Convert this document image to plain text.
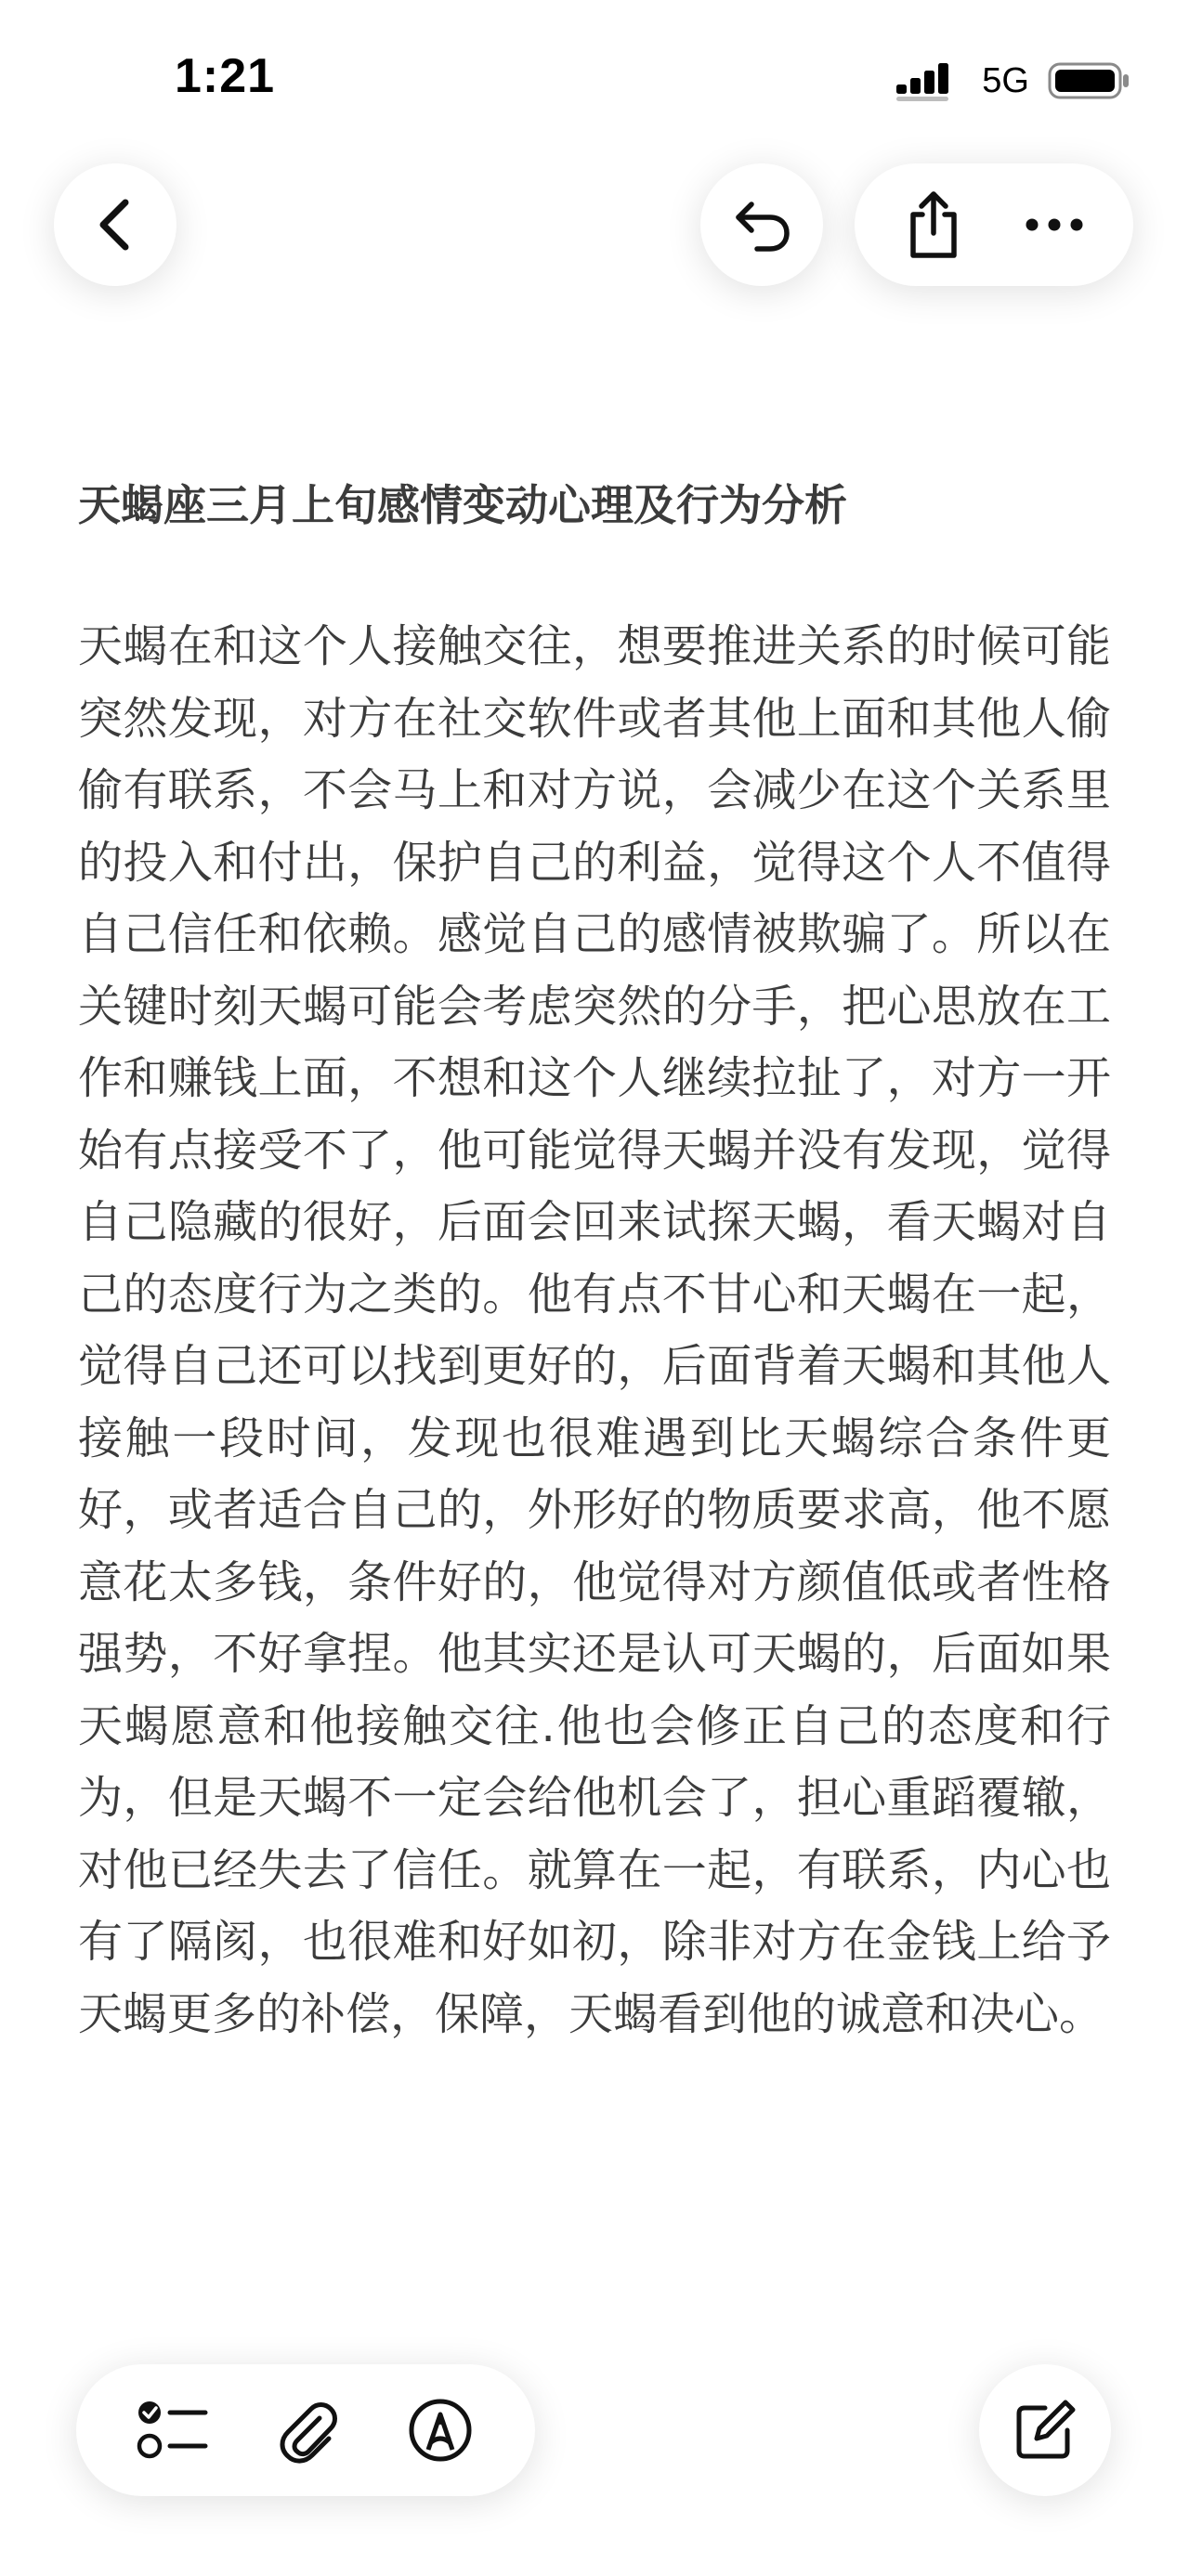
1:21	5G
天蝎座三月上旬感情变动心理及行为分析

天蝎在和这个人接触交往，想要推进关系的时候可能突然发现，对方在社交软件或者其他上面和其他人偷偷有联系，不会马上和对方说，会减少在这个关系里的投入和付出，保护自己的利益，觉得这个人不值得自己信任和依赖。感觉自己的感情被欺骗了。所以在关键时刻天蝎可能会考虑突然的分手，把心思放在工作和赚钱上面，不想和这个人继续拉扯了，对方一开始有点接受不了，他可能觉得天蝎并没有发现，觉得自己隐藏的很好，后面会回来试探天蝎，看天蝎对自己的态度行为之类的。他有点不甘心和天蝎在一起，觉得自己还可以找到更好的，后面背着天蝎和其他人接触一段时间，发现也很难遇到比天蝎综合条件更好，或者适合自己的，外形好的物质要求高，他不愿意花太多钱，条件好的，他觉得对方颜值低或者性格强势，不好拿捏。他其实还是认可天蝎的，后面如果天蝎愿意和他接触交往.他也会修正自己的态度和行为，但是天蝎不一定会给他机会了，担心重蹈覆辙，对他已经失去了信任。就算在一起，有联系，内心也有了隔阂，也很难和好如初，除非对方在金钱上给予天蝎更多的补偿，保障，天蝎看到他的诚意和决心。
